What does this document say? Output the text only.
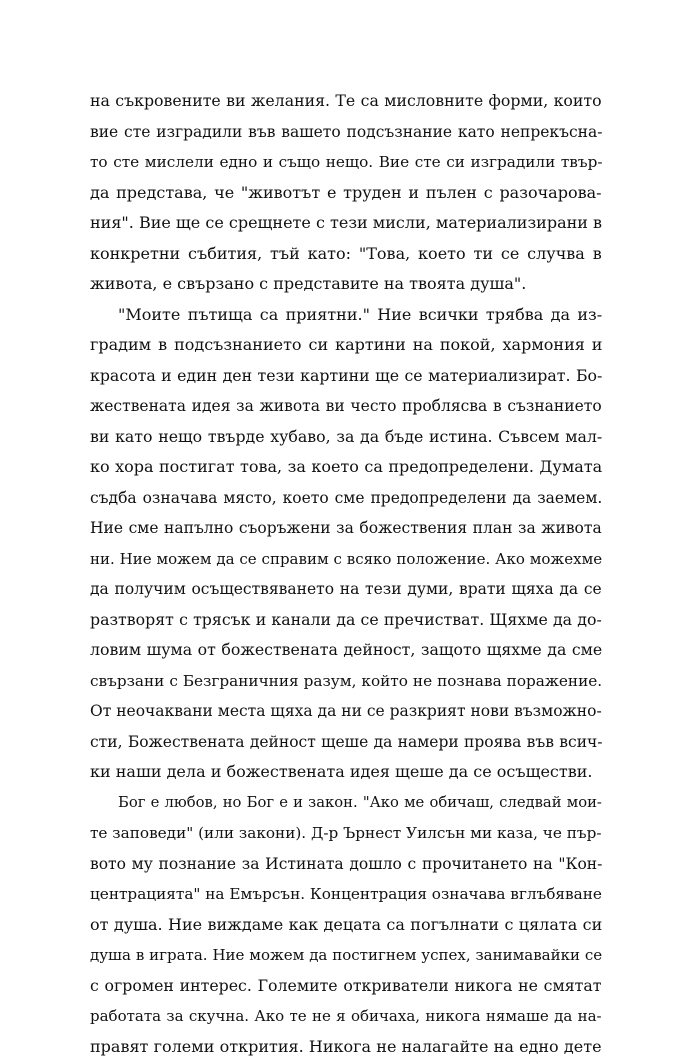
на съкровените ви желания. Те са мисловните форми, които
вие сте изградили във вашето подсъзнание като непрекъсна-
то сте мислели едно и също нещо. Вие сте си изградили твър-
да представа, че "животът е труден и пълен с разочарова-
ния". Вие ще се срещнете с тези мисли, материализирани в
конкретни събития, тъй като: "Това, което ти се случва в
живота, е свързано с представите на твоята душа".
"Моите пътища са приятни." Ние всички трябва да из-
градим в подсъзнанието си картини на покой, хармония и
красота и един ден тези картини ще се материализират. Бо-
жествената идея за живота ви често проблясва в съзнанието
ви като нещо твърде хубаво, за да бъде истина. Съвсем мал-
ко хора постигат това, за което са предопределени. Думата
съдба означава място, което сме предопределени да заемем.
Ние сме напълно съоръжени за божествения план за живота
ни. Ние можем да се справим с всяко положение. Ако можехме
да получим осъществяването на тези думи, врати щяха да се
разтворят с трясък и канали да се пречистват. Щяхме да до-
ловим шума от божествената дейност, защото щяхме да сме
свързани с Безграничния разум, който не познава поражение.
От неочаквани места щяха да ни се разкрият нови възможно-
сти, Божествената дейност щеше да намери проява във всич-
ки наши дела и божествената идея щеше да се осъществи.
Бог е любов, но Бог е и закон. "Ако ме обичаш, следвай мои-
те заповеди" (или закони). Д-р Ърнест Уилсън ми каза, че пър-
вото му познание за Истината дошло с прочитането на "Кон-
центрацията" на Емърсън. Концентрация означава вглъбяване
от душа. Ние виждаме как децата са погълнати с цялата си
душа в играта. Ние можем да постигнем успех, занимавайки се
с огромен интерес. Големите откриватели никога не смятат
работата за скучна. Ако те не я обичаха, никога нямаше да на-
правят големи открития. Никога не налагайте на едно дете
